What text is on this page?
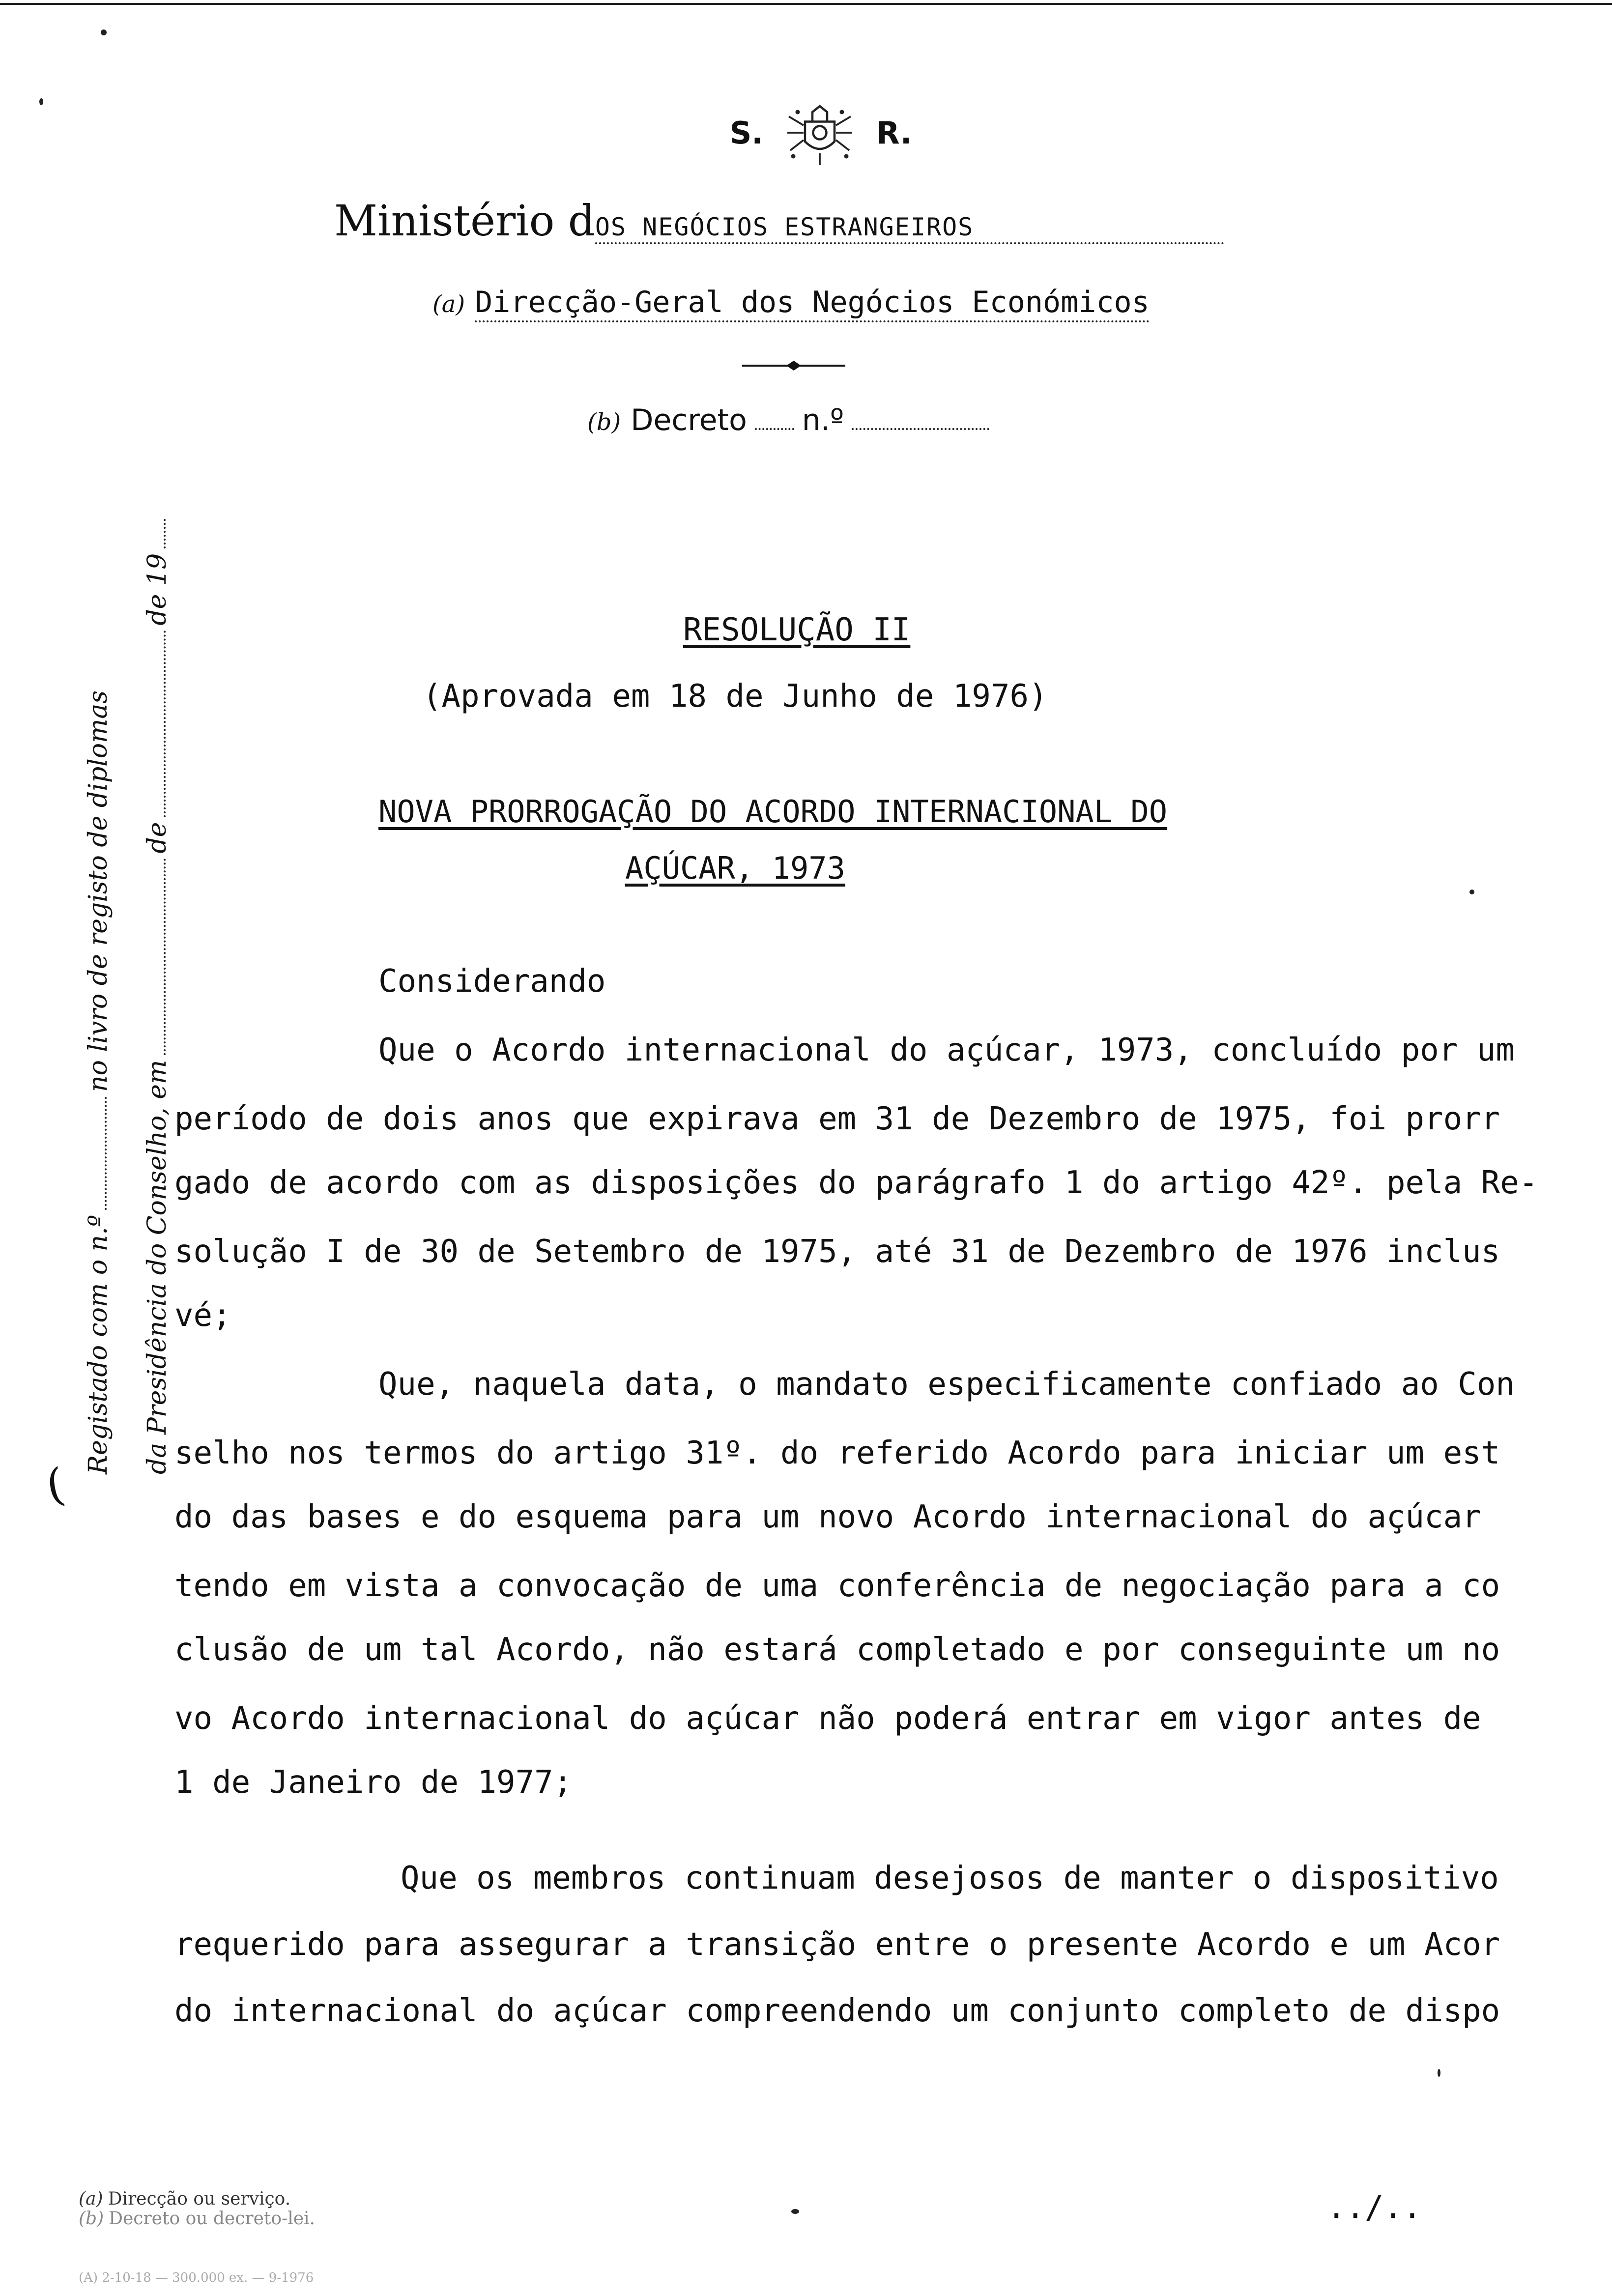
S.	R.
Ministério dOS NEGÓCIOS ESTRANGEIROS
(a) Direcção-Geral dos Negócios Económicos
(b) Decreto n.º
RESOLUÇÃO II
(Aprovada em 18 de Junho de 1976)
NOVA PRORROGAÇÃO DO ACORDO INTERNACIONAL DO
AÇÚCAR, 1973
Considerando
Que o Acordo internacional do açúcar, 1973, concluído por um
período de dois anos que expirava em 31 de Dezembro de 1975, foi prorr
gado de acordo com as disposições do parágrafo 1 do artigo 42º. pela Re-
solução I de 30 de Setembro de 1975, até 31 de Dezembro de 1976 inclus
vé;
Que, naquela data, o mandato especificamente confiado ao Con
selho nos termos do artigo 31º. do referido Acordo para iniciar um est
do das bases e do esquema para um novo Acordo internacional do açúcar
tendo em vista a convocação de uma conferência de negociação para a co
clusão de um tal Acordo, não estará completado e por conseguinte um no
vo Acordo internacional do açúcar não poderá entrar em vigor antes de
1 de Janeiro de 1977;
Que os membros continuam desejosos de manter o dispositivo
requerido para assegurar a transição entre o presente Acordo e um Acor
do internacional do açúcar compreendendo um conjunto completo de dispo
(
Registado com o n.ºno livro de registo de diplomas
da Presidência do Conselho, emdede 19
(a) Direcção ou serviço.
(b) Decreto ou decreto-lei.
(A) 2-10-18 — 300.000 ex. — 9-1976
../..
